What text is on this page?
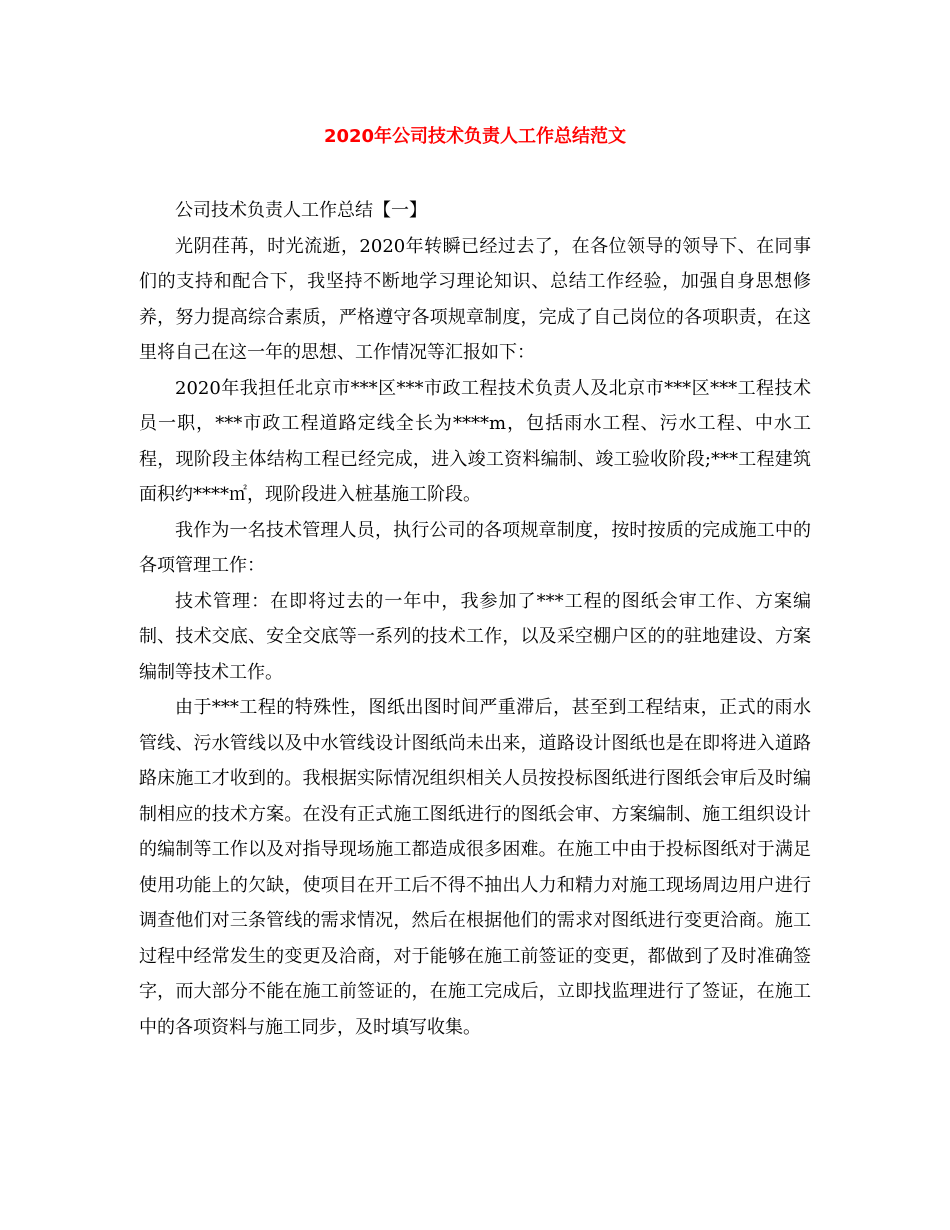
2020年公司技术负责人工作总结范文

公司技术负责人工作总结【一】

光阴荏苒，时光流逝，2020年转瞬已经过去了，在各位领导的领导下、在同事们的支持和配合下，我坚持不断地学习理论知识、总结工作经验，加强自身思想修养，努力提高综合素质，严格遵守各项规章制度，完成了自己岗位的各项职责，在这里将自己在这一年的思想、工作情况等汇报如下：

2020年我担任北京市***区***市政工程技术负责人及北京市***区***工程技术员一职，***市政工程道路定线全长为****m，包括雨水工程、污水工程、中水工程，现阶段主体结构工程已经完成，进入竣工资料编制、竣工验收阶段;***工程建筑面积约****㎡，现阶段进入桩基施工阶段。

我作为一名技术管理人员，执行公司的各项规章制度，按时按质的完成施工中的各项管理工作：

技术管理：在即将过去的一年中，我参加了***工程的图纸会审工作、方案编制、技术交底、安全交底等一系列的技术工作，以及采空棚户区的的驻地建设、方案编制等技术工作。

由于***工程的特殊性，图纸出图时间严重滞后，甚至到工程结束，正式的雨水管线、污水管线以及中水管线设计图纸尚未出来，道路设计图纸也是在即将进入道路路床施工才收到的。我根据实际情况组织相关人员按投标图纸进行图纸会审后及时编制相应的技术方案。在没有正式施工图纸进行的图纸会审、方案编制、施工组织设计的编制等工作以及对指导现场施工都造成很多困难。在施工中由于投标图纸对于满足使用功能上的欠缺，使项目在开工后不得不抽出人力和精力对施工现场周边用户进行调查他们对三条管线的需求情况，然后在根据他们的需求对图纸进行变更洽商。施工过程中经常发生的变更及洽商，对于能够在施工前签证的变更，都做到了及时准确签字，而大部分不能在施工前签证的，在施工完成后，立即找监理进行了签证，在施工中的各项资料与施工同步，及时填写收集。
